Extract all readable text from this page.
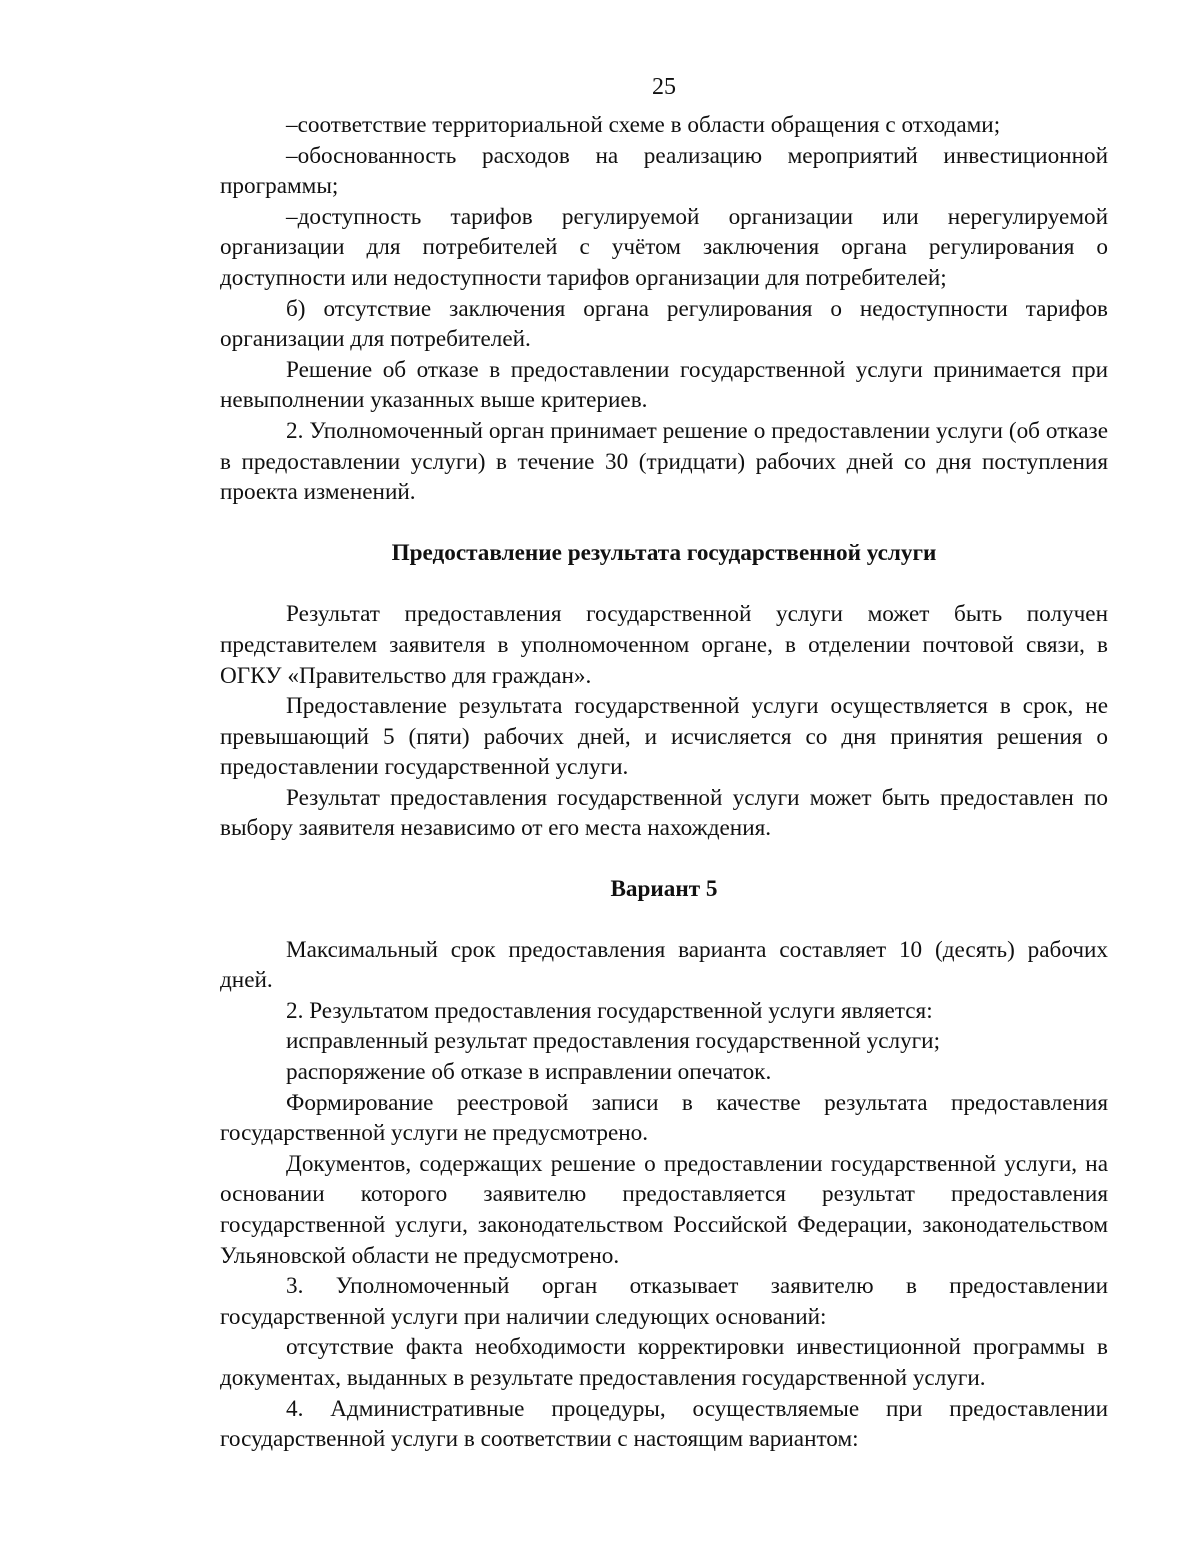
25

–соответствие территориальной схеме в области обращения с отходами;

–обоснованность расходов на реализацию мероприятий инвестиционной программы;

–доступность тарифов регулируемой организации или нерегулируемой организации для потребителей с учётом заключения органа регулирования о доступности или недоступности тарифов организации для потребителей;

б) отсутствие заключения органа регулирования о недоступности тарифов организации для потребителей.

Решение об отказе в предоставлении государственной услуги принимается при невыполнении указанных выше критериев.

2. Уполномоченный орган принимает решение о предоставлении услуги (об отказе в предоставлении услуги) в течение 30 (тридцати) рабочих дней со дня поступления проекта изменений.

Предоставление результата государственной услуги

Результат предоставления государственной услуги может быть получен представителем заявителя в уполномоченном органе, в отделении почтовой связи, в ОГКУ «Правительство для граждан».

Предоставление результата государственной услуги осуществляется в срок, не превышающий 5 (пяти) рабочих дней, и исчисляется со дня принятия решения о предоставлении государственной услуги.

Результат предоставления государственной услуги может быть предоставлен по выбору заявителя независимо от его места нахождения.

Вариант 5

Максимальный срок предоставления варианта составляет 10 (десять) рабочих дней.

2. Результатом предоставления государственной услуги является:

исправленный результат предоставления государственной услуги;

распоряжение об отказе в исправлении опечаток.

Формирование реестровой записи в качестве результата предоставления государственной услуги не предусмотрено.

Документов, содержащих решение о предоставлении государственной услуги, на основании которого заявителю предоставляется результат предоставления государственной услуги, законодательством Российской Федерации, законодательством Ульяновской области не предусмотрено.

3. Уполномоченный орган отказывает заявителю в предоставлении государственной услуги при наличии следующих оснований:

отсутствие факта необходимости корректировки инвестиционной программы в документах, выданных в результате предоставления государственной услуги.

4. Административные процедуры, осуществляемые при предоставлении государственной услуги в соответствии с настоящим вариантом:
